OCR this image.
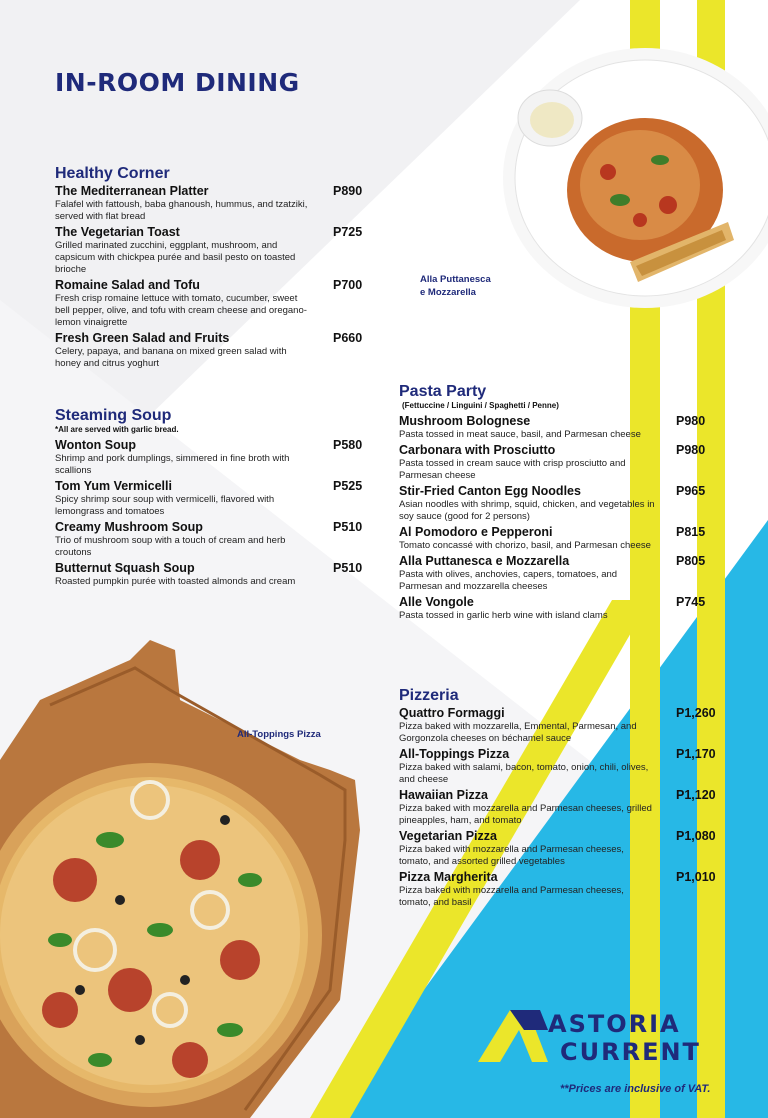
IN-ROOM DINING
Alla Puttanesca
e Mozzarella
All-Toppings Pizza
Healthy Corner
The Mediterranean Platter	P890
Falafel with fattoush, baba ghanoush, hummus, and tzatziki, served with flat bread
The Vegetarian Toast	P725
Grilled marinated zucchini, eggplant, mushroom, and capsicum with chickpea purée and basil pesto on toasted brioche
Romaine Salad and Tofu	P700
Fresh crisp romaine lettuce with tomato, cucumber, sweet bell pepper, olive, and tofu with cream cheese and oregano-lemon vinaigrette
Fresh Green Salad and Fruits	P660
Celery, papaya, and banana on mixed green salad with honey and citrus yoghurt
Steaming Soup
*All are served with garlic bread.
Wonton Soup	P580
Shrimp and pork dumplings, simmered in fine broth with scallions
Tom Yum Vermicelli	P525
Spicy shrimp sour soup with vermicelli, flavored with lemongrass and tomatoes
Creamy Mushroom Soup	P510
Trio of mushroom soup with a touch of cream and herb croutons
Butternut Squash Soup	P510
Roasted pumpkin purée with toasted almonds and cream
Pasta Party
(Fettuccine / Linguini / Spaghetti / Penne)
Mushroom Bolognese	P980
Pasta tossed in meat sauce, basil, and Parmesan cheese
Carbonara with Prosciutto	P980
Pasta tossed in cream sauce with crisp prosciutto and Parmesan cheese
Stir-Fried Canton Egg Noodles	P965
Asian noodles with shrimp, squid, chicken, and vegetables in soy sauce (good for 2 persons)
Al Pomodoro e Pepperoni	P815
Tomato concassé with chorizo, basil, and Parmesan cheese
Alla Puttanesca e Mozzarella	P805
Pasta with olives, anchovies, capers, tomatoes, and Parmesan and mozzarella cheeses
Alle Vongole	P745
Pasta tossed in garlic herb wine with island clams
Pizzeria
Quattro Formaggi	P1,260
Pizza baked with mozzarella, Emmental, Parmesan, and Gorgonzola cheeses on béchamel sauce
All-Toppings Pizza	P1,170
Pizza baked with salami, bacon, tomato, onion, chili, olives, and cheese
Hawaiian Pizza	P1,120
Pizza baked with mozzarella and Parmesan cheeses, grilled pineapples, ham, and tomato
Vegetarian Pizza	P1,080
Pizza baked with mozzarella and Parmesan cheeses, tomato, and assorted grilled vegetables
Pizza Margherita	P1,010
Pizza baked with mozzarella and Parmesan cheeses, tomato, and basil
ASTORIA
CURRENT
**Prices are inclusive of VAT.
